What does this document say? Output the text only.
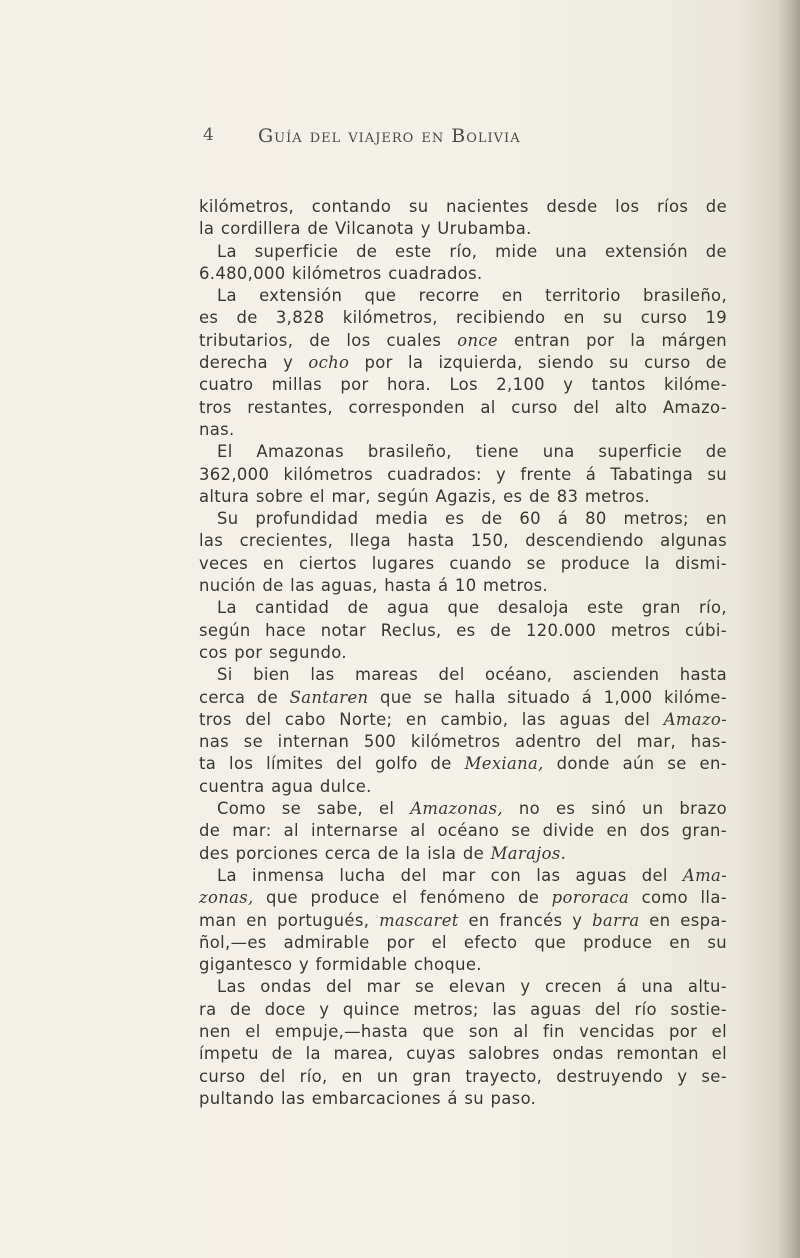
4 Guía del viajero en Bolivia
kilómetros, contando su nacientes desde los ríos de
la cordillera de Vilcanota y Urubamba.
La superficie de este río, mide una extensión de
6.480,000 kilómetros cuadrados.
La extensión que recorre en territorio brasileño,
es de 3,828 kilómetros, recibiendo en su curso 19
tributarios, de los cuales once entran por la márgen
derecha y ocho por la izquierda, siendo su curso de
cuatro millas por hora. Los 2,100 y tantos kilóme-
tros restantes, corresponden al curso del alto Amazo-
nas.
El Amazonas brasileño, tiene una superficie de
362,000 kilómetros cuadrados: y frente á Tabatinga su
altura sobre el mar, según Agazis, es de 83 metros.
Su profundidad media es de 60 á 80 metros; en
las crecientes, llega hasta 150, descendiendo algunas
veces en ciertos lugares cuando se produce la dismi-
nución de las aguas, hasta á 10 metros.
La cantidad de agua que desaloja este gran río,
según hace notar Reclus, es de 120.000 metros cúbi-
cos por segundo.
Si bien las mareas del océano, ascienden hasta
cerca de Santaren que se halla situado á 1,000 kilóme-
tros del cabo Norte; en cambio, las aguas del Amazo-
nas se internan 500 kilómetros adentro del mar, has-
ta los límites del golfo de Mexiana, donde aún se en-
cuentra agua dulce.
Como se sabe, el Amazonas, no es sinó un brazo
de mar: al internarse al océano se divide en dos gran-
des porciones cerca de la isla de Marajos.
La inmensa lucha del mar con las aguas del Ama-
zonas, que produce el fenómeno de pororaca como lla-
man en portugués, mascaret en francés y barra en espa-
ñol,—es admirable por el efecto que produce en su
gigantesco y formidable choque.
Las ondas del mar se elevan y crecen á una altu-
ra de doce y quince metros; las aguas del río sostie-
nen el empuje,—hasta que son al fin vencidas por el
ímpetu de la marea, cuyas salobres ondas remontan el
curso del río, en un gran trayecto, destruyendo y se-
pultando las embarcaciones á su paso.
